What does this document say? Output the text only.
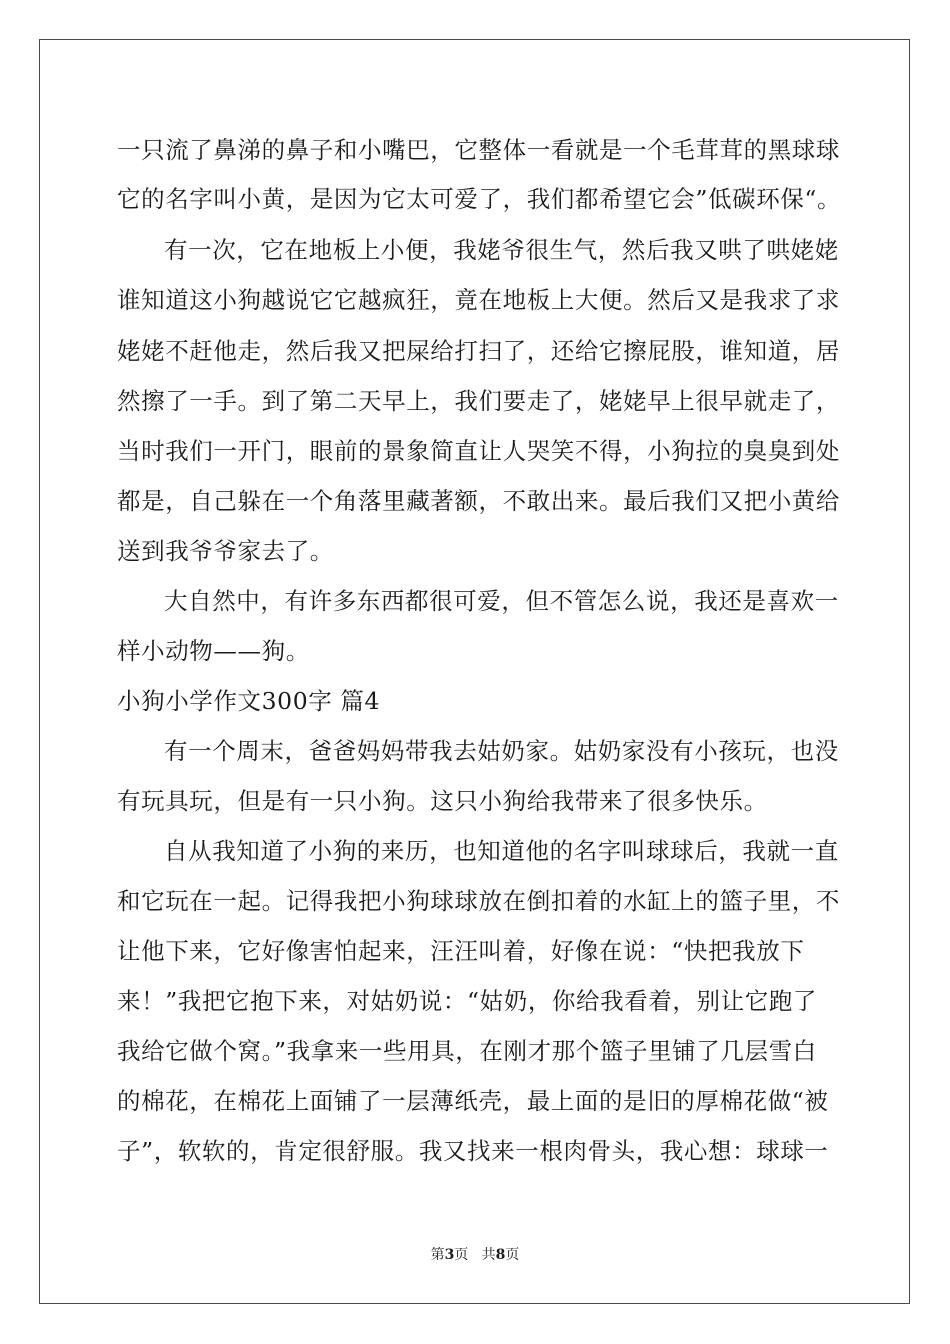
一只流了鼻涕的鼻子和小嘴巴，它整体一看就是一个毛茸茸的黑球球
它的名字叫小黄，是因为它太可爱了，我们都希望它会”低碳环保“。
有一次，它在地板上小便，我姥爷很生气，然后我又哄了哄姥姥
谁知道这小狗越说它它越疯狂，竟在地板上大便。然后又是我求了求
姥姥不赶他走，然后我又把屎给打扫了，还给它擦屁股，谁知道，居
然擦了一手。到了第二天早上，我们要走了，姥姥早上很早就走了，
当时我们一开门，眼前的景象简直让人哭笑不得，小狗拉的臭臭到处
都是，自己躲在一个角落里藏著额，不敢出来。最后我们又把小黄给
送到我爷爷家去了。
大自然中，有许多东西都很可爱，但不管怎么说，我还是喜欢一
样小动物——狗。
小狗小学作文300字 篇4
有一个周末，爸爸妈妈带我去姑奶家。姑奶家没有小孩玩，也没
有玩具玩，但是有一只小狗。这只小狗给我带来了很多快乐。
自从我知道了小狗的来历，也知道他的名字叫球球后，我就一直
和它玩在一起。记得我把小狗球球放在倒扣着的水缸上的篮子里，不
让他下来，它好像害怕起来，汪汪叫着，好像在说：“快把我放下
来！”我把它抱下来，对姑奶说：“姑奶，你给我看着，别让它跑了
我给它做个窝。”我拿来一些用具，在刚才那个篮子里铺了几层雪白
的棉花，在棉花上面铺了一层薄纸壳，最上面的是旧的厚棉花做“被
子”，软软的，肯定很舒服。我又找来一根肉骨头，我心想：球球一
第3页   共8页
